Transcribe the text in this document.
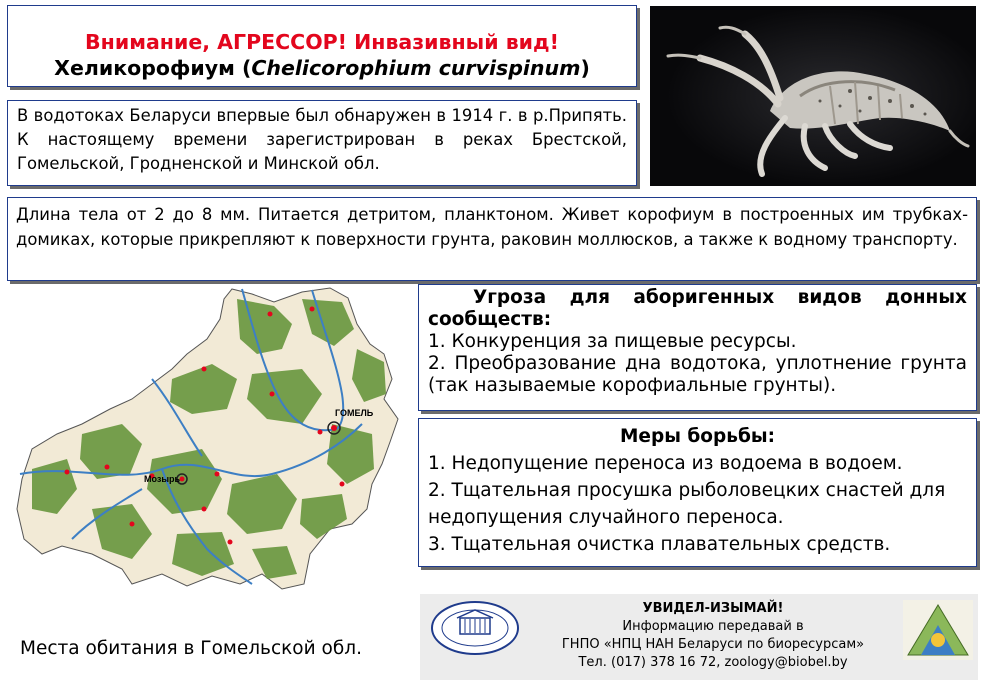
Внимание, АГРЕССОР! Инвазивный вид!
Хеликорофиум (Chelicorophium curvispinum)
В водотоках Беларуси впервые был обнаружен в 1914 г. в р.Припять. К настоящему времени зарегистрирован в реках Брестской, Гомельской, Гродненской и Минской обл.
Длина тела от 2 до 8 мм. Питается детритом, планктоном. Живет корофиум в построенных им трубках-домиках, которые прикрепляют к поверхности грунта, раковин моллюсков, а также к водному транспорту.
ГОМЕЛЬ
Мозырь
Угроза для аборигенных видов донных сообществ:
1. Конкуренция за пищевые ресурсы.
2. Преобразование дна водотока, уплотнение грунта (так называемые корофиальные грунты).
Меры борьбы:
1. Недопущение переноса из водоема в водоем.
2. Тщательная просушка рыболовецких снастей для недопущения случайного переноса.
3. Тщательная очистка плавательных средств.
Места обитания в Гомельской обл.
УВИДЕЛ-ИЗЫМАЙ!
Информацию передавай в
ГНПО «НПЦ НАН Беларуси по биоресурсам»
Тел. (017) 378 16 72, zoology@biobel.by
